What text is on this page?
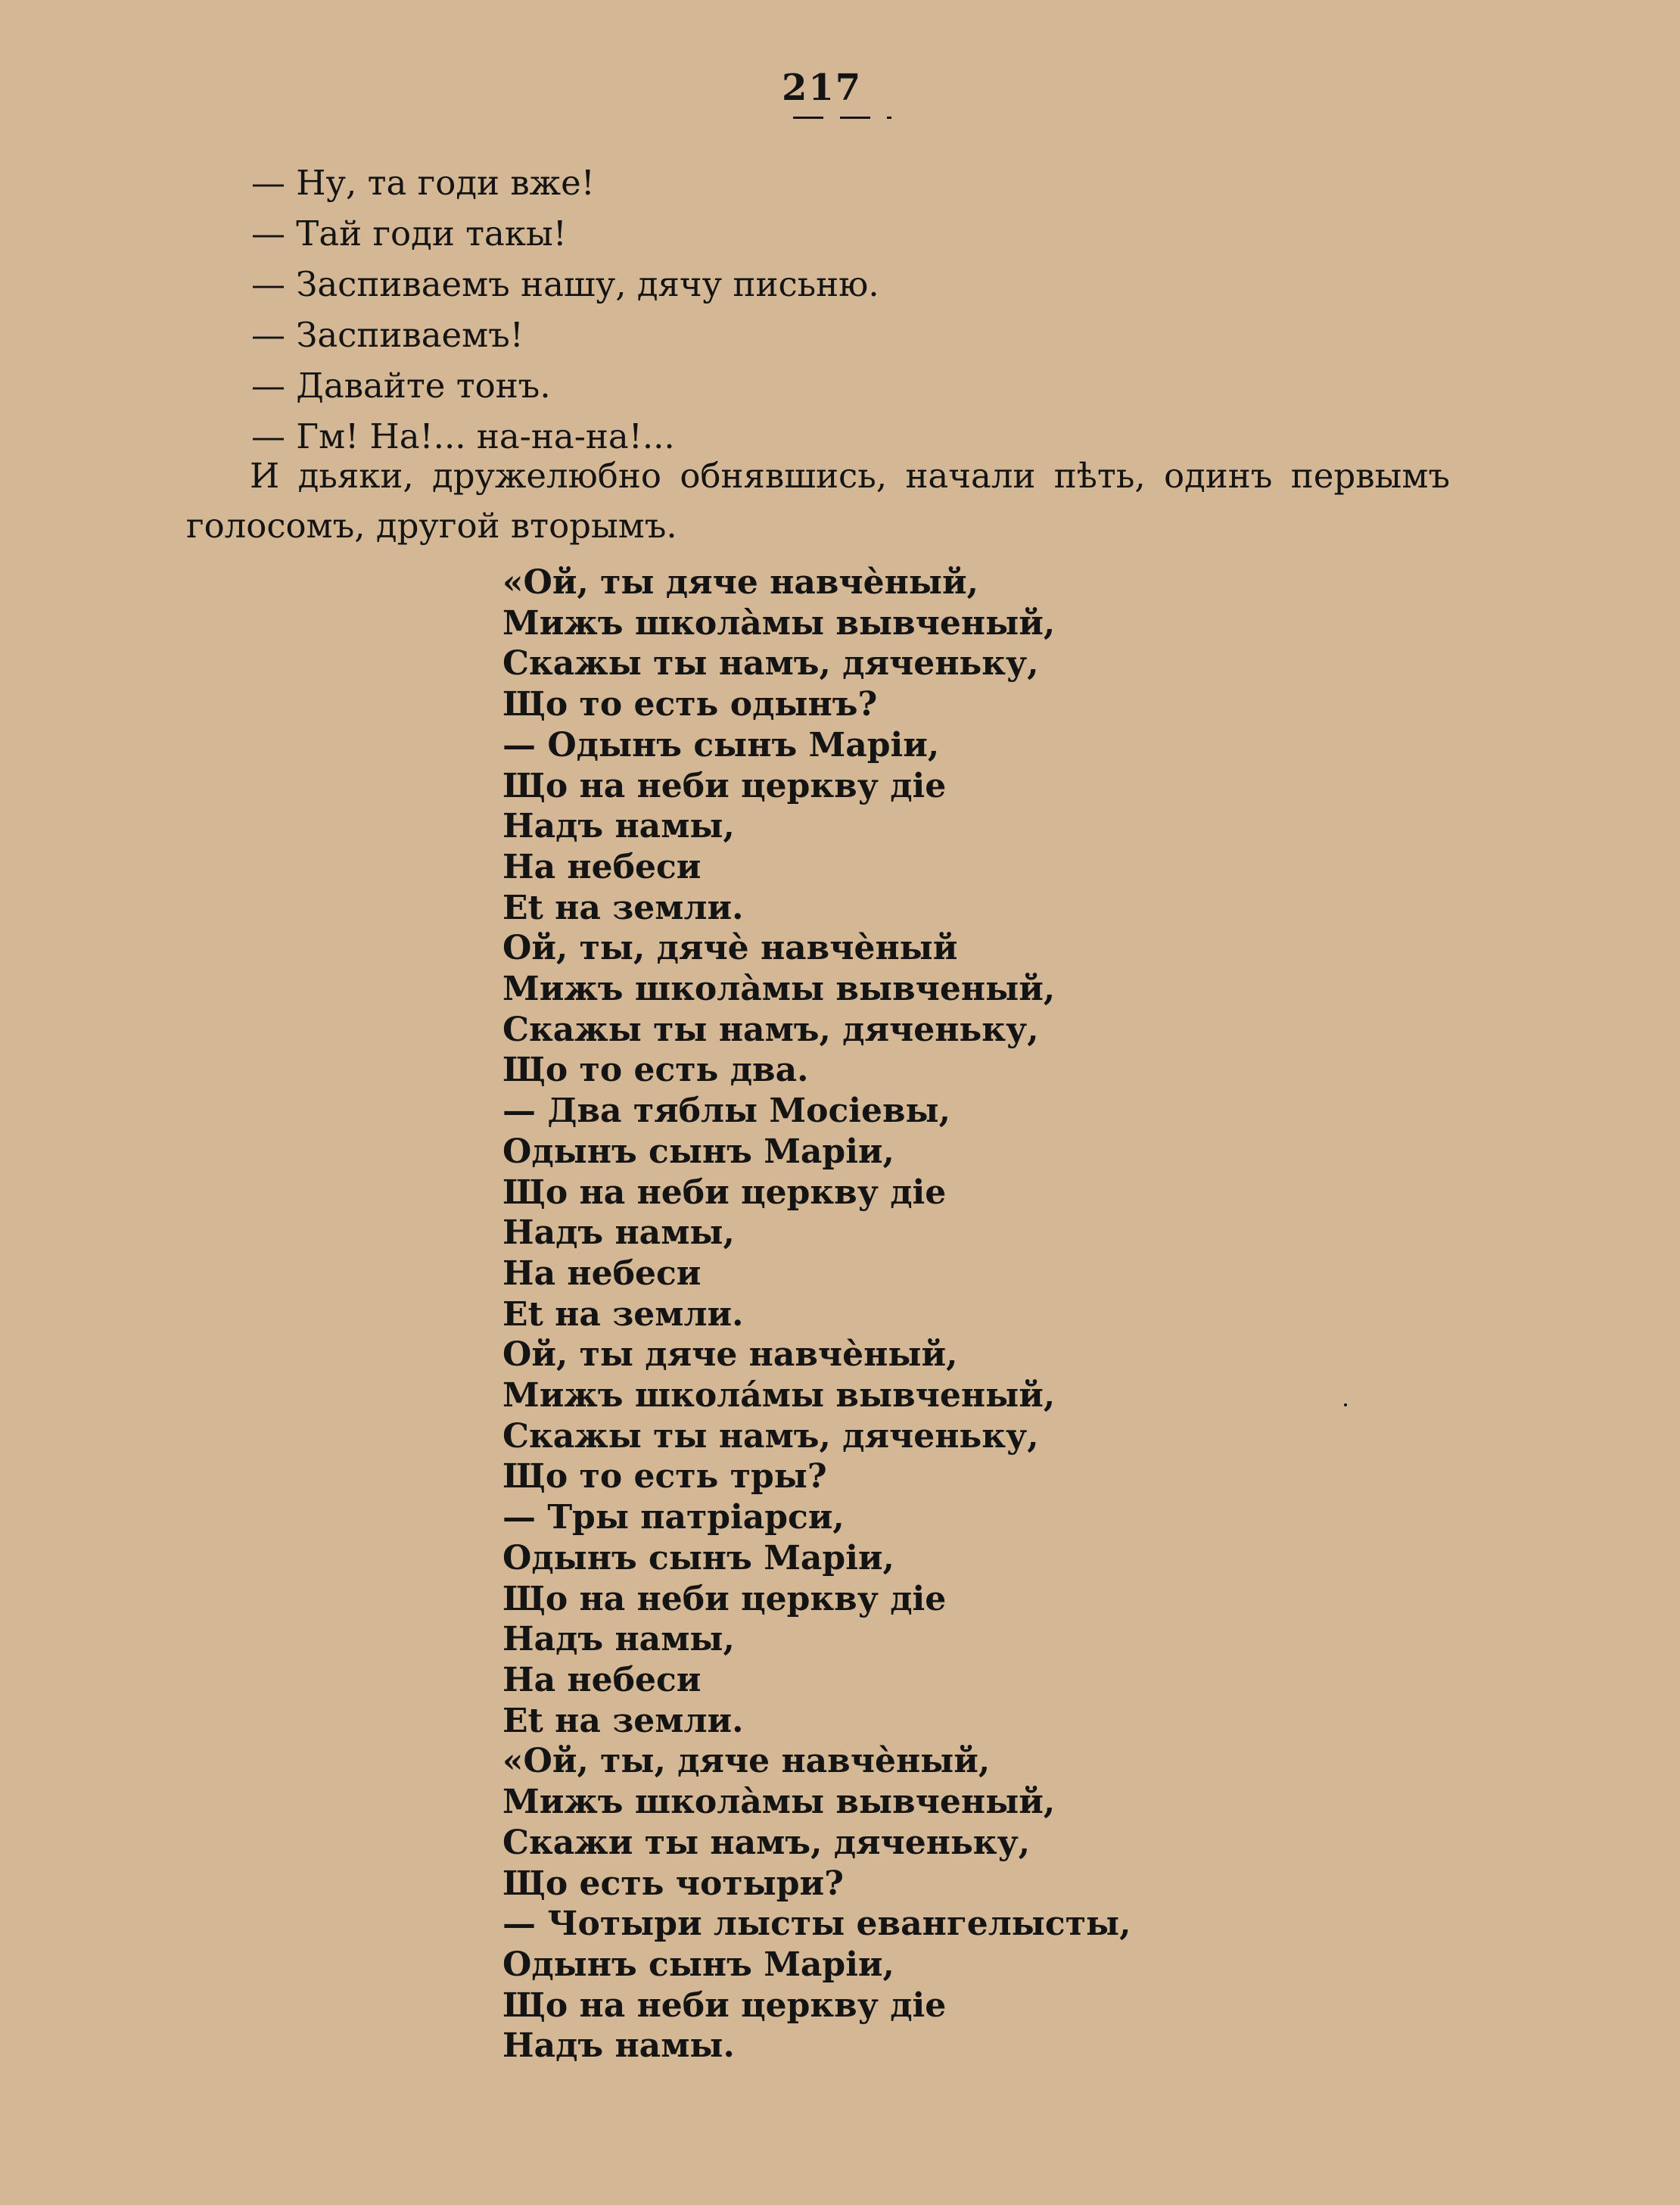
217
— Ну, та годи вже!
— Тай годи такы!
— Заспиваемъ нашу, дячу письню.
— Заспиваемъ!
— Давайте тонъ.
— Гм! На!... на-на-на!...

И дьяки, дружелюбно обнявшись, начали пѣть, одинъ первымъ голосомъ, другой вторымъ.

«Ой, ты дяче навчѐный,
Мижъ школа̀мы вывченый,
Скажы ты намъ, дяченьку,
Що то есть одынъ?
— Одынъ сынъ Маріи,
Що на неби церкву діе
Надъ намы,
На небеси
Et на земли.
Ой, ты, дячѐ навчѐный
Мижъ школа̀мы вывченый,
Скажы ты намъ, дяченьку,
Що то есть два.
— Два тяблы Мосіевы,
Одынъ сынъ Маріи,
Що на неби церкву діе
Надъ намы,
На небеси
Et на земли.
Ой, ты дяче навчѐный,
Мижъ школа́мы вывченый,
Скажы ты намъ, дяченьку,
Що то есть тры?
— Тры патріарси,
Одынъ сынъ Маріи,
Що на неби церкву діе
Надъ намы,
На небеси
Et на земли.
«Ой, ты, дяче навчѐный,
Мижъ школа̀мы вывченый,
Скажи ты намъ, дяченьку,
Що есть чотыри?
— Чотыри лысты евангелысты,
Одынъ сынъ Маріи,
Що на неби церкву діе
Надъ намы.
